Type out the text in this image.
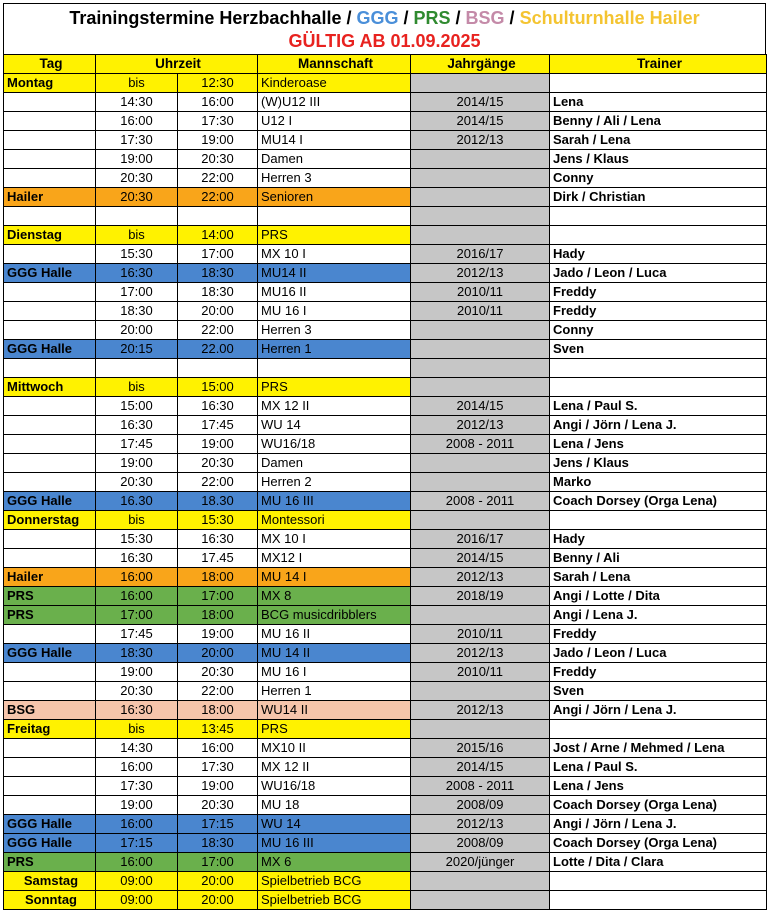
Trainingstermine Herzbachhalle / GGG / PRS / BSG / Schulturnhalle Hailer
GÜLTIG AB 01.09.2025
Tag	Uhrzeit		Mannschaft	Jahrgänge	Trainer
Montag	bis	12:30	Kinderoase		
	14:30	16:00	(W)U12 III	2014/15	Lena
	16:00	17:30	U12 I	2014/15	Benny / Ali / Lena
	17:30	19:00	MU14 I	2012/13	Sarah / Lena
	19:00	20:30	Damen		Jens / Klaus
	20:30	22:00	Herren 3		Conny
Hailer	20:30	22:00	Senioren		Dirk / Christian

Dienstag	bis	14:00	PRS		
	15:30	17:00	MX 10 I	2016/17	Hady
GGG Halle	16:30	18:30	MU14 II	2012/13	Jado / Leon / Luca
	17:00	18:30	MU16 II	2010/11	Freddy
	18:30	20:00	MU 16 I	2010/11	Freddy
	20:00	22:00	Herren 3		Conny
GGG Halle	20:15	22.00	Herren 1		Sven

Mittwoch	bis	15:00	PRS		
	15:00	16:30	MX 12 II	2014/15	Lena / Paul S.
	16:30	17:45	WU 14	2012/13	Angi / Jörn / Lena J.
	17:45	19:00	WU16/18	2008 - 2011	Lena / Jens
	19:00	20:30	Damen		Jens / Klaus
	20:30	22:00	Herren 2		Marko
GGG Halle	16.30	18.30	MU 16 III	2008 - 2011	Coach Dorsey (Orga Lena)
Donnerstag	bis	15:30	Montessori		
	15:30	16:30	MX 10 I	2016/17	Hady
	16:30	17.45	MX12 I	2014/15	Benny / Ali
Hailer	16:00	18:00	MU 14 I	2012/13	Sarah / Lena
PRS	16:00	17:00	MX 8	2018/19	Angi / Lotte / Dita
PRS	17:00	18:00	BCG musicdribblers		Angi / Lena J.
	17:45	19:00	MU 16 II	2010/11	Freddy
GGG Halle	18:30	20:00	MU 14 II	2012/13	Jado / Leon / Luca
	19:00	20:30	MU 16 I	2010/11	Freddy
	20:30	22:00	Herren 1		Sven
BSG	16:30	18:00	WU14 II	2012/13	Angi / Jörn / Lena J.
Freitag	bis	13:45	PRS		
	14:30	16:00	MX10 II	2015/16	Jost / Arne / Mehmed / Lena
	16:00	17:30	MX 12 II	2014/15	Lena / Paul S.
	17:30	19:00	WU16/18	2008 - 2011	Lena / Jens
	19:00	20:30	MU 18	2008/09	Coach Dorsey (Orga Lena)
GGG Halle	16:00	17:15	WU 14	2012/13	Angi / Jörn / Lena J.
GGG Halle	17:15	18:30	MU 16 III	2008/09	Coach Dorsey (Orga Lena)
PRS	16:00	17:00	MX 6	2020/jünger	Lotte / Dita / Clara
Samstag	09:00	20:00	Spielbetrieb BCG		
Sonntag	09:00	20:00	Spielbetrieb BCG		
